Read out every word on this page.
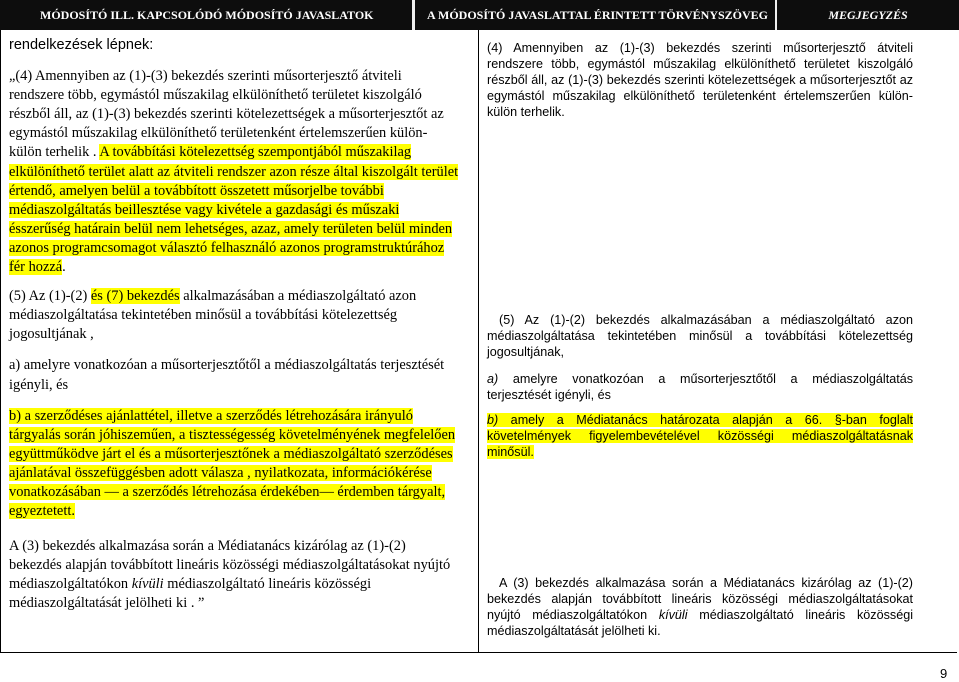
MÓDOSÍTÓ ILL. KAPCSOLÓDÓ MÓDOSÍTÓ JAVASLATOK	A MÓDOSÍTÓ JAVASLATTAL ÉRINTETT TÖRVÉNYSZÖVEG	MEGJEGYZÉS

rendelkezések lépnek:

„(4) Amennyiben az (1)-(3) bekezdés szerinti műsorterjesztő átviteli rendszere több, egymástól műszakilag elkülöníthető területet kiszolgáló részből áll, az (1)-(3) bekezdés szerinti kötelezettségek a műsorterjesztőt az egymástól műszakilag elkülöníthető területenként értelemszerűen külön-külön terhelik . A továbbítási kötelezettség szempontjából műszakilag elkülöníthető terület alatt az átviteli rendszer azon része által kiszolgált terület értendő, amelyen belül a továbbított összetett műsorjelbe további médiaszolgáltatás beillesztése vagy kivétele a gazdasági és műszaki ésszerűség határain belül nem lehetséges, azaz, amely területen belül minden azonos programcsomagot választó felhasználó azonos programstruktúrához fér hozzá.

(5) Az (1)-(2) és (7) bekezdés alkalmazásában a médiaszolgáltató azon médiaszolgáltatása tekintetében minősül a továbbítási kötelezettség jogosultjának ,

a) amelyre vonatkozóan a műsorterjesztőtől a médiaszolgáltatás terjesztését igényli, és

b) a szerződéses ajánlattétel, illetve a szerződés létrehozására irányuló tárgyalás során jóhiszeműen, a tisztességesség követelményének megfelelően együttműködve járt el és a műsorterjesztőnek a médiaszolgáltató szerződéses ajánlatával összefüggésben adott válasza , nyilatkozata, információkérése vonatkozásában — a szerződés létrehozása érdekében— érdemben tárgyalt, egyeztetett.

A (3) bekezdés alkalmazása során a Médiatanács kizárólag az (1)-(2) bekezdés alapján továbbított lineáris közösségi médiaszolgáltatásokat nyújtó médiaszolgáltatókon kívüli médiaszolgáltató lineáris közösségi médiaszolgáltatását jelölheti ki . ”

(4) Amennyiben az (1)-(3) bekezdés szerinti műsorterjesztő átviteli rendszere több, egymástól műszakilag elkülöníthető területet kiszolgáló részből áll, az (1)-(3) bekezdés szerinti kötelezettségek a műsorterjesztőt az egymástól műszakilag elkülöníthető területenként értelemszerűen külön-külön terhelik.
(5) Az (1)-(2) bekezdés alkalmazásában a médiaszolgáltató azon médiaszolgáltatása tekintetében minősül a továbbítási kötelezettség jogosultjának,
a) amelyre vonatkozóan a műsorterjesztőtől a médiaszolgáltatás terjesztését igényli, és
b) amely a Médiatanács határozata alapján a 66. §-ban foglalt követelmények figyelembevételével közösségi médiaszolgáltatásnak minősül.
A (3) bekezdés alkalmazása során a Médiatanács kizárólag az (1)-(2) bekezdés alapján továbbított lineáris közösségi médiaszolgáltatásokat nyújtó médiaszolgáltatókon kívüli médiaszolgáltató lineáris közösségi médiaszolgáltatását jelölheti ki.
9
